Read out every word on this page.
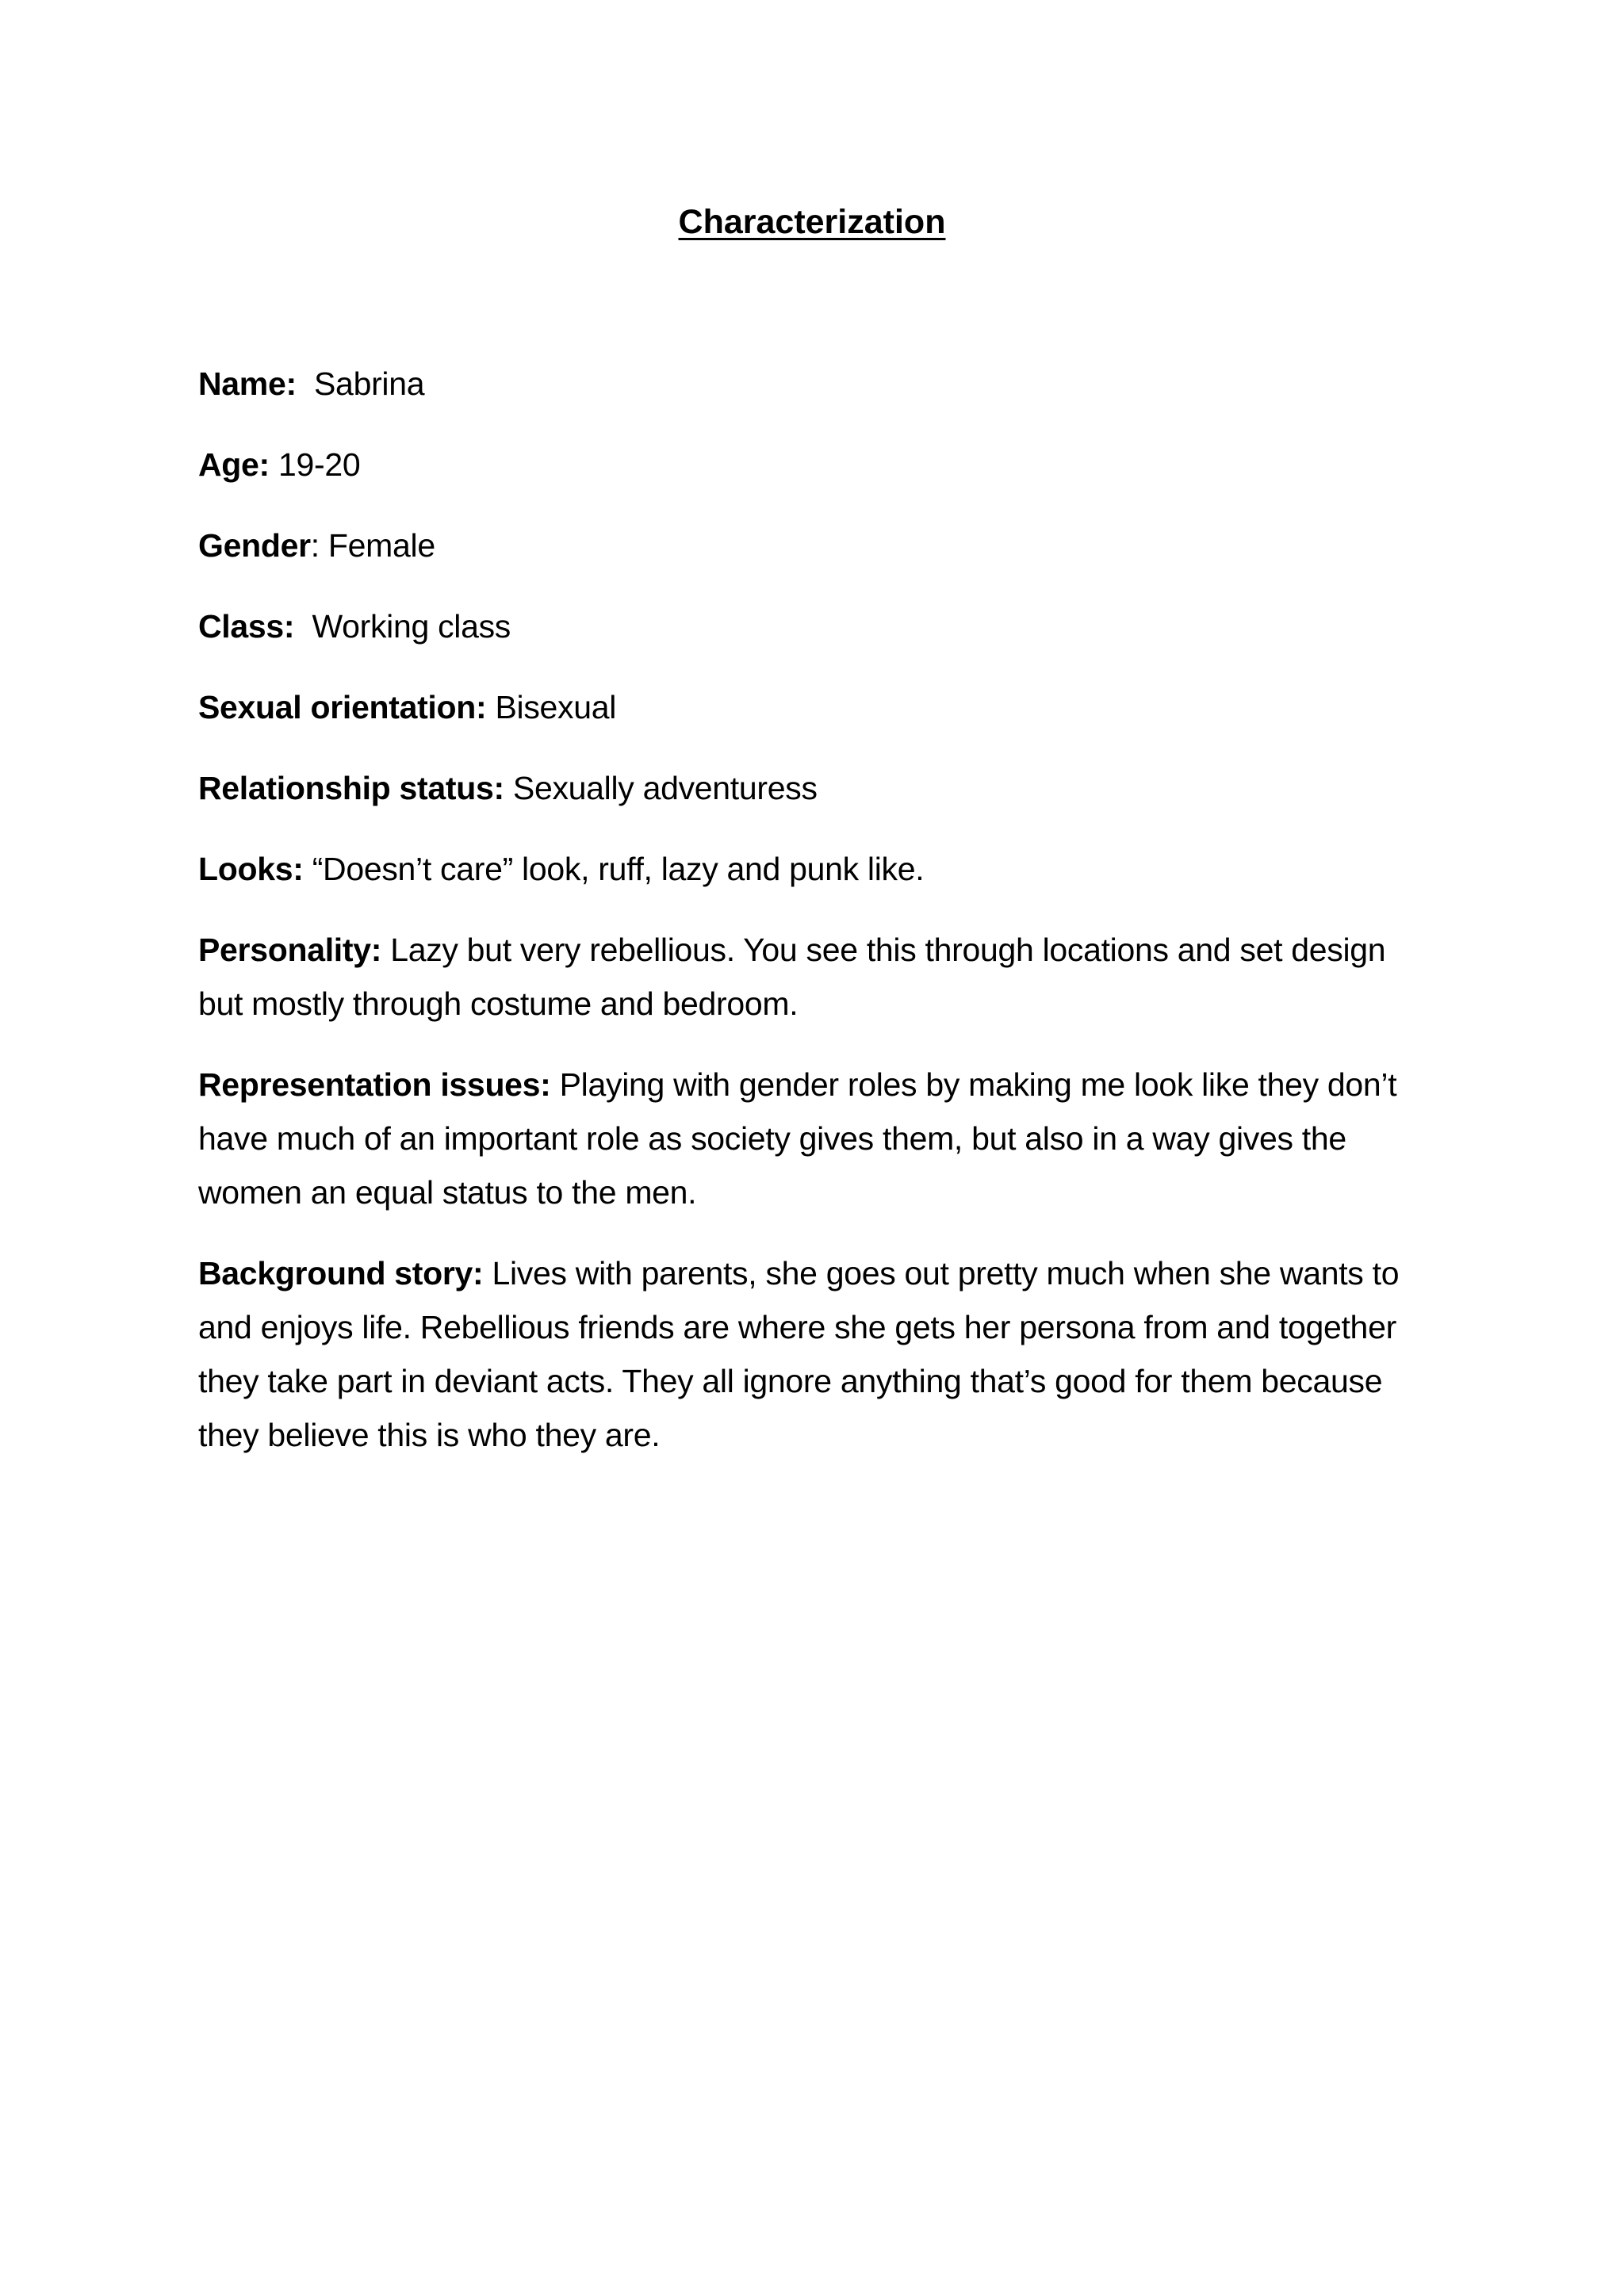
Characterization

Name: Sabrina

Age: 19-20

Gender: Female

Class: Working class

Sexual orientation: Bisexual

Relationship status: Sexually adventuress

Looks: “Doesn’t care” look, ruff, lazy and punk like.

Personality: Lazy but very rebellious. You see this through locations and set design but mostly through costume and bedroom.

Representation issues: Playing with gender roles by making me look like they don’t have much of an important role as society gives them, but also in a way gives the women an equal status to the men.

Background story: Lives with parents, she goes out pretty much when she wants to and enjoys life. Rebellious friends are where she gets her persona from and together they take part in deviant acts. They all ignore anything that’s good for them because they believe this is who they are.
